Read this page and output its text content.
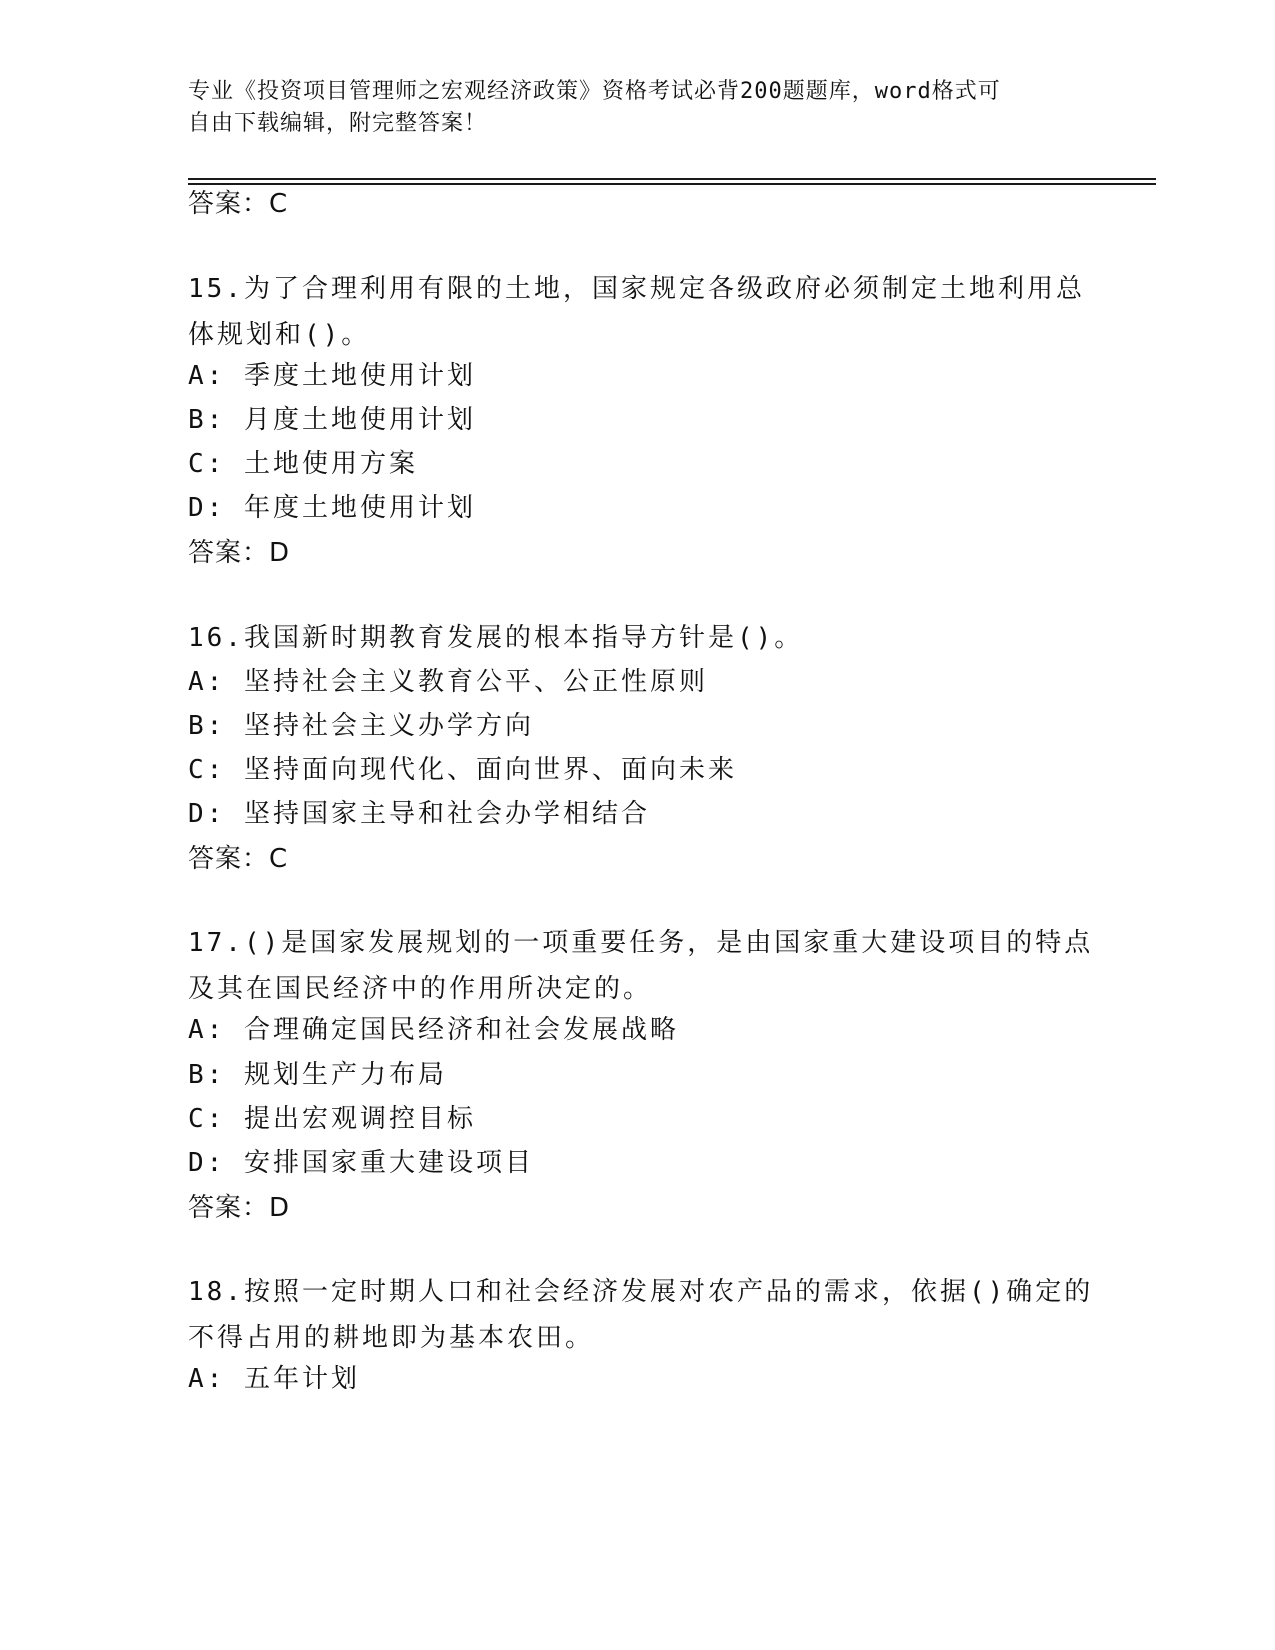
专业《投资项目管理师之宏观经济政策》资格考试必背200题题库，word格式可
自由下载编辑，附完整答案！
答案：C
15.为了合理利用有限的土地，国家规定各级政府必须制定土地利用总
体规划和()。
A: 季度土地使用计划
B: 月度土地使用计划
C: 土地使用方案
D: 年度土地使用计划
答案：D
16.我国新时期教育发展的根本指导方针是()。
A: 坚持社会主义教育公平、公正性原则
B: 坚持社会主义办学方向
C: 坚持面向现代化、面向世界、面向未来
D: 坚持国家主导和社会办学相结合
答案：C
17.()是国家发展规划的一项重要任务，是由国家重大建设项目的特点
及其在国民经济中的作用所决定的。
A: 合理确定国民经济和社会发展战略
B: 规划生产力布局
C: 提出宏观调控目标
D: 安排国家重大建设项目
答案：D
18.按照一定时期人口和社会经济发展对农产品的需求，依据()确定的
不得占用的耕地即为基本农田。
A: 五年计划
